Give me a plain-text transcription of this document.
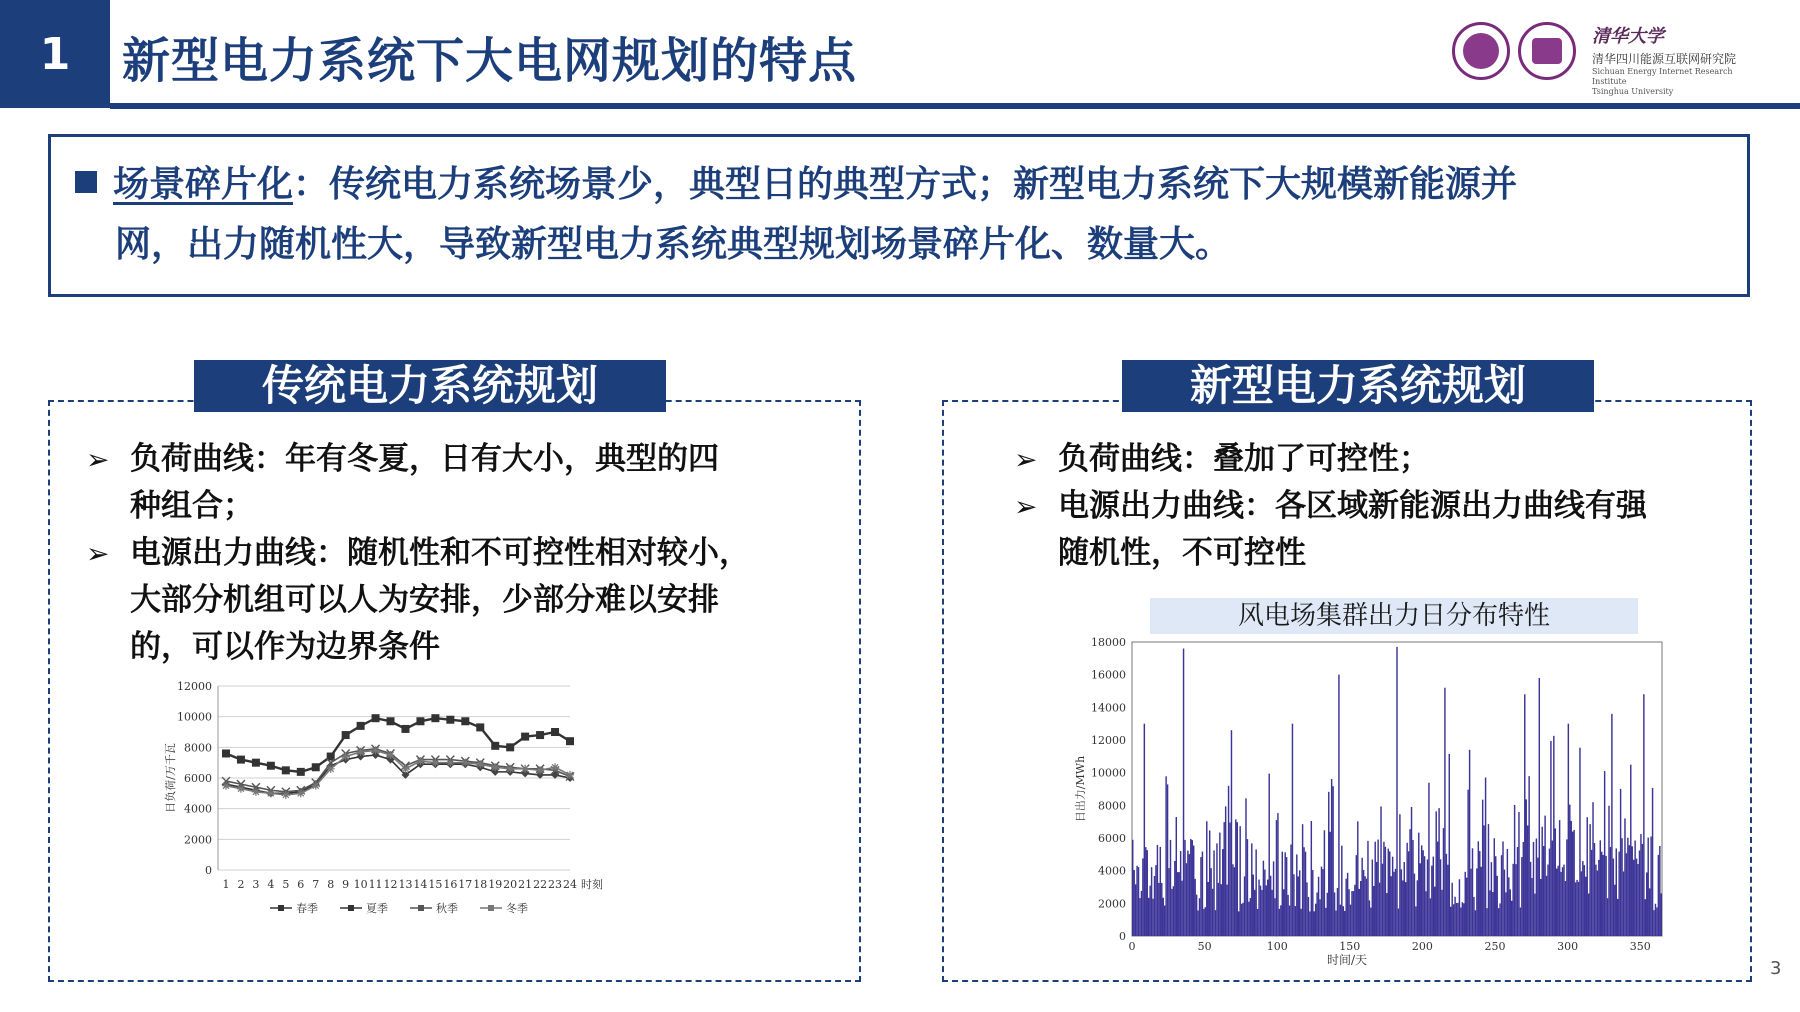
1	新型电力系统下大电网规划的特点	清华大学
清华四川能源互联网研究院
Sichuan Energy Internet Research Institute
Tsinghua University
场景碎片化：传统电力系统场景少，典型日的典型方式；新型电力系统下大规模新能源并
网，出力随机性大，导致新型电力系统典型规划场景碎片化、数量大。
传统电力系统规划
➢ 负荷曲线：年有冬夏，日有大小，典型的四
种组合；
➢ 电源出力曲线：随机性和不可控性相对较小，
大部分机组可以人为安排，少部分难以安排
的，可以作为边界条件
0
2000
4000
6000
8000
10000
12000
1 2 3 4 5 6 7 8 9 10 11 12 13 14 15 16 17 18 19 20 21 22 23 24 时刻
日负荷/万千瓦
春季	夏季	秋季	冬季
新型电力系统规划
➢ 负荷曲线：叠加了可控性；
➢ 电源出力曲线：各区域新能源出力曲线有强
随机性，不可控性
风电场集群出力日分布特性
0
2000
4000
6000
8000
10000
12000
14000
16000
18000
0	50	100	150	200	250	300	350
时间/天
日出力/MWh
3
